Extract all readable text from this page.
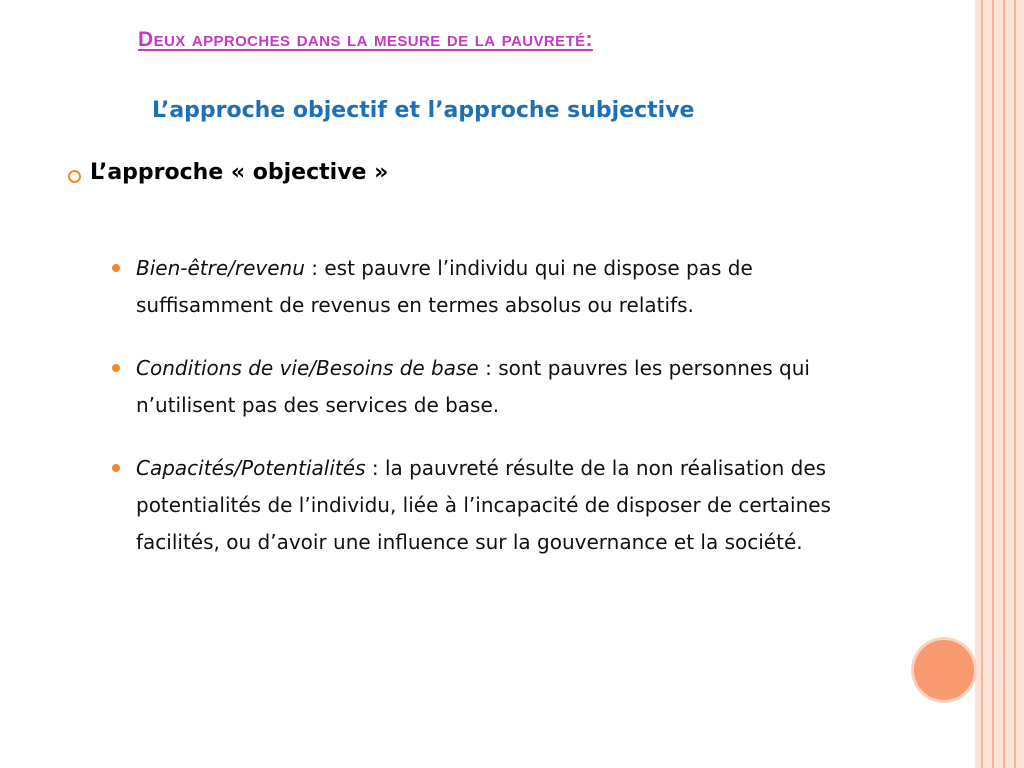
Deux approches dans la mesure de la pauvreté:
L’approche objectif et l’approche subjective

L’approche « objective »

Bien-être/revenu : est pauvre l’individu qui ne dispose pas de suffisamment de revenus en termes absolus ou relatifs.
Conditions de vie/Besoins de base : sont pauvres les personnes qui n’utilisent pas des services de base.
Capacités/Potentialités : la pauvreté résulte de la non réalisation des potentialités de l’individu, liée à l’incapacité de disposer de certaines facilités, ou d’avoir une influence sur la gouvernance et la société.
